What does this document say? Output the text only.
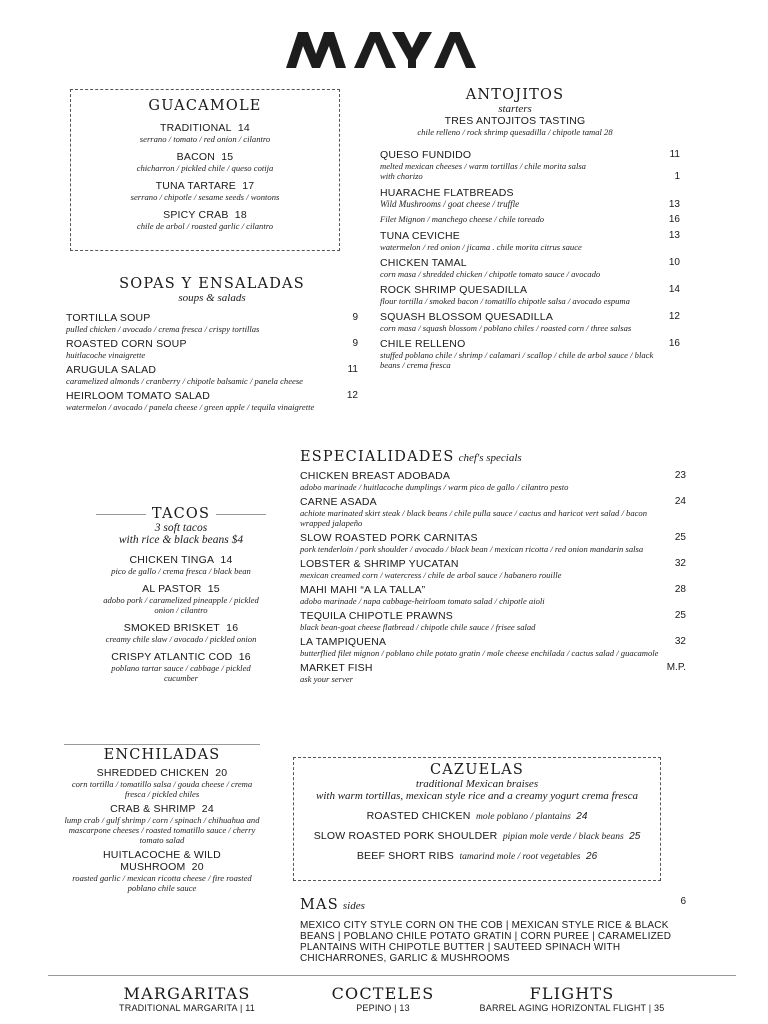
GUACAMOLE
TRADITIONAL 14
serrano / tomato / red onion / cilantro
BACON 15
chicharron / pickled chile / queso cotija
TUNA TARTARE 17
serrano / chipotle / sesame seeds / wontons
SPICY CRAB 18
chile de arbol / roasted garlic / cilantro
SOPAS Y ENSALADAS
soups & salads
TORTILLA SOUP	9
pulled chicken / avocado / crema fresca / crispy tortillas
ROASTED CORN SOUP	9
huitlacoche vinaigrette
ARUGULA SALAD	11
caramelized almonds / cranberry / chipotle balsamic / panela cheese
HEIRLOOM TOMATO SALAD	12
watermelon / avocado / panela cheese / green apple / tequila vinaigrette
ANTOJITOS
starters
TRES ANTOJITOS TASTING
chile relleno / rock shrimp quesadilla / chipotle tamal 28
QUESO FUNDIDO	11
melted mexican cheeses / warm tortillas / chile morita salsa
with chorizo	1
HUARACHE FLATBREADS
Wild Mushrooms / goat cheese / truffle	13
Filet Mignon / manchego cheese / chile toreado	16
TUNA CEVICHE	13
watermelon / red onion / jicama . chile morita citrus sauce
CHICKEN TAMAL	10
corn masa / shredded chicken / chipotle tomato sauce / avocado
ROCK SHRIMP QUESADILLA	14
flour tortilla / smoked bacon / tomatillo chipotle salsa / avocado espuma
SQUASH BLOSSOM QUESADILLA	12
corn masa / squash blossom / poblano chiles / roasted corn / three salsas
CHILE RELLENO	16
stuffed poblano chile / shrimp / calamari / scallop / chile de arbol sauce / black beans / crema fresca
TACOS
3 soft tacos
with rice & black beans $4
CHICKEN TINGA 14
pico de gallo / crema fresca / black bean
AL PASTOR 15
adobo pork / caramelized pineapple / pickled onion / cilantro
SMOKED BRISKET 16
creamy chile slaw / avocado / pickled onion
CRISPY ATLANTIC COD 16
poblano tartar sauce / cabbage / pickled cucumber
ESPECIALIDADES chef's specials
CHICKEN BREAST ADOBADA	23
adobo marinade / huitlacoche dumplings / warm pico de gallo / cilantro pesto
CARNE ASADA	24
achiote marinated skirt steak / black beans / chile pulla sauce / cactus and haricot vert salad / bacon wrapped jalapeño
SLOW ROASTED PORK CARNITAS	25
pork tenderloin / pork shoulder / avocado / black bean / mexican ricotta / red onion mandarin salsa
LOBSTER & SHRIMP YUCATAN	32
mexican creamed corn / watercress / chile de arbol sauce / habanero rouille
MAHI MAHI “A LA TALLA”	28
adobo marinade / napa cabbage-heirloom tomato salad / chipotle aioli
TEQUILA CHIPOTLE PRAWNS	25
black bean-goat cheese flatbread / chipotle chile sauce / frisee salad
LA TAMPIQUENA	32
butterflied filet mignon / poblano chile potato gratin / mole cheese enchilada / cactus salad / guacamole
MARKET FISH	M.P.
ask your server
ENCHILADAS
SHREDDED CHICKEN 20
corn tortilla / tomatillo salsa / gouda cheese / crema fresca / pickled chiles
CRAB & SHRIMP 24
lump crab / gulf shrimp / corn / spinach / chihuahua and mascarpone cheeses / roasted tomatillo sauce / cherry tomato salad
HUITLACOCHE & WILD MUSHROOM 20
roasted garlic / mexican ricotta cheese / fire roasted poblano chile sauce
CAZUELAS
traditional Mexican braises
with warm tortillas, mexican style rice and a creamy yogurt crema fresca
ROASTED CHICKEN mole poblano / plantains 24
SLOW ROASTED PORK SHOULDER pipian mole verde / black beans 25
BEEF SHORT RIBS tamarind mole / root vegetables 26
MAS sides	6
MEXICO CITY STYLE CORN ON THE COB | MEXICAN STYLE RICE & BLACK BEANS | POBLANO CHILE POTATO GRATIN | CORN PUREE | CARAMELIZED PLANTAINS WITH CHIPOTLE BUTTER | SAUTEED SPINACH WITH CHICHARRONES, GARLIC & MUSHROOMS
MARGARITAS
TRADITIONAL MARGARITA | 11
COCTELES
PEPINO | 13
FLIGHTS
BARREL AGING HORIZONTAL FLIGHT | 35
